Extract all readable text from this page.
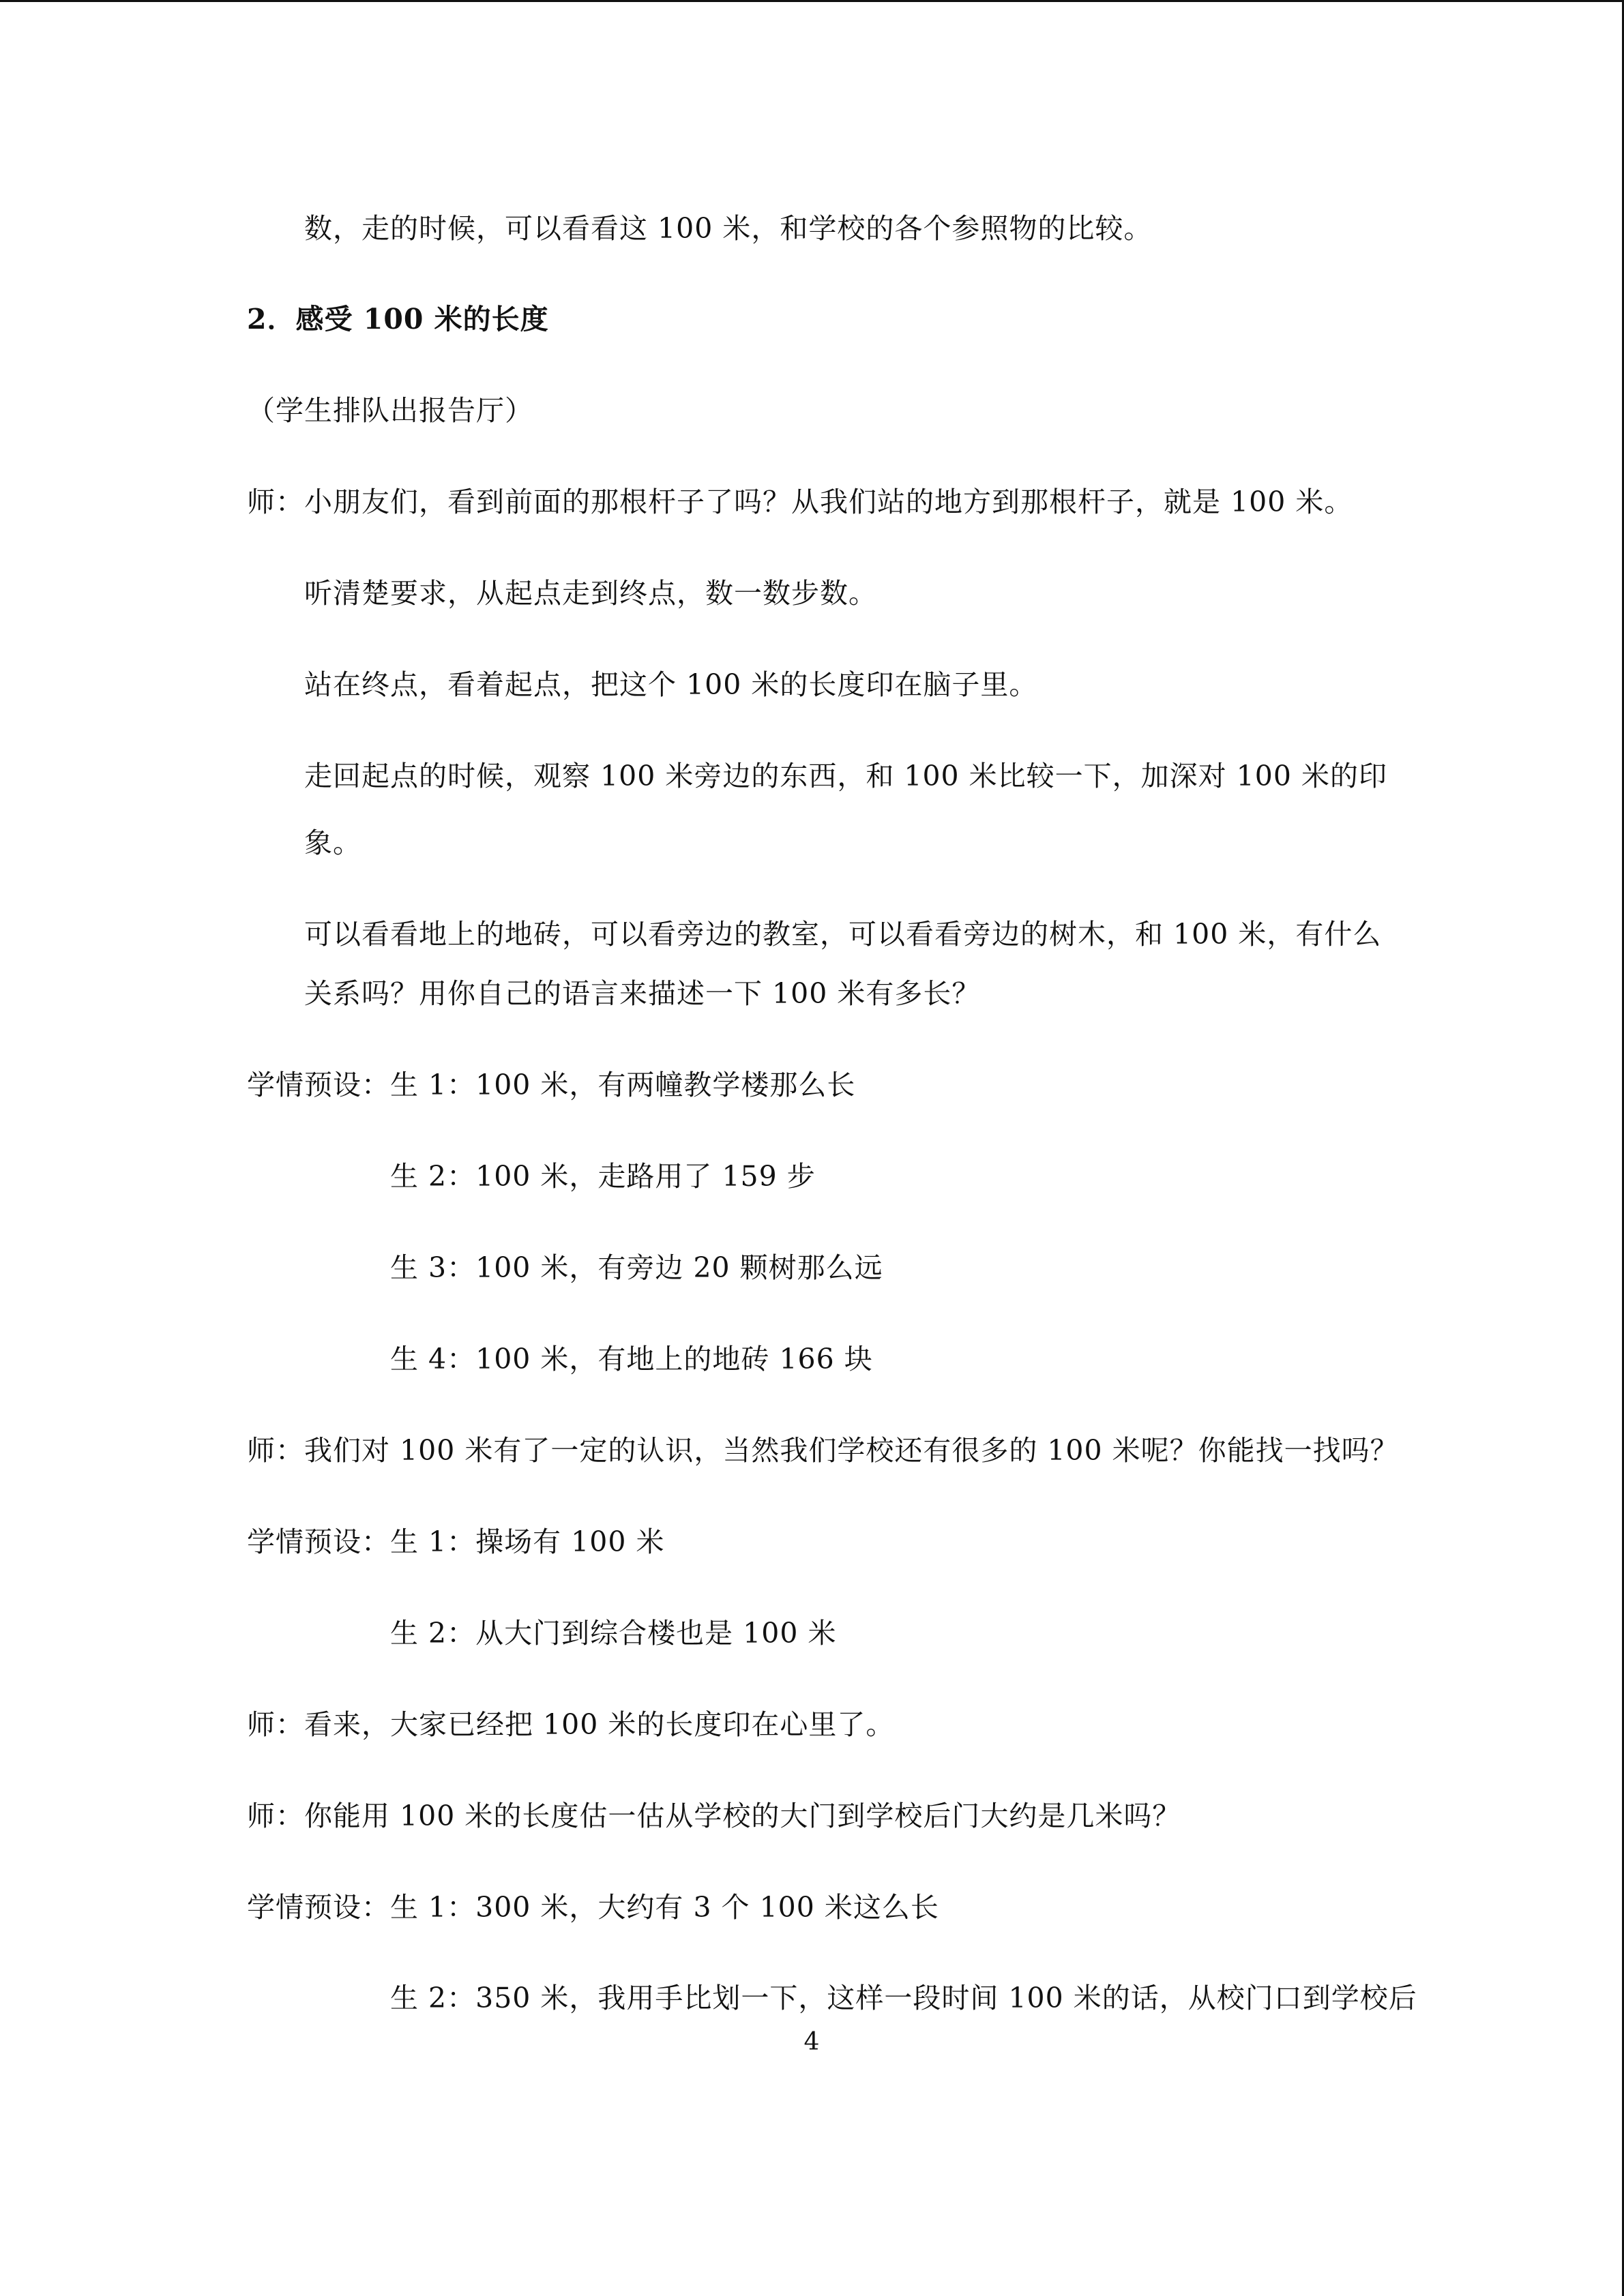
数，走的时候，可以看看这 100 米，和学校的各个参照物的比较。
2．感受 100 米的长度
（学生排队出报告厅）
师：小朋友们，看到前面的那根杆子了吗？从我们站的地方到那根杆子，就是 100 米。
听清楚要求，从起点走到终点，数一数步数。
站在终点，看着起点，把这个 100 米的长度印在脑子里。
走回起点的时候，观察 100 米旁边的东西，和 100 米比较一下，加深对 100 米的印
象。
可以看看地上的地砖，可以看旁边的教室，可以看看旁边的树木，和 100 米，有什么
关系吗？用你自己的语言来描述一下 100 米有多长？
学情预设：生 1：100 米，有两幢教学楼那么长
生 2：100 米，走路用了 159 步
生 3：100 米，有旁边 20 颗树那么远
生 4：100 米，有地上的地砖 166 块
师：我们对 100 米有了一定的认识，当然我们学校还有很多的 100 米呢？你能找一找吗？
学情预设：生 1：操场有 100 米
生 2：从大门到综合楼也是 100 米
师：看来，大家已经把 100 米的长度印在心里了。
师：你能用 100 米的长度估一估从学校的大门到学校后门大约是几米吗？
学情预设：生 1：300 米，大约有 3 个 100 米这么长
生 2：350 米，我用手比划一下，这样一段时间 100 米的话，从校门口到学校后
4
